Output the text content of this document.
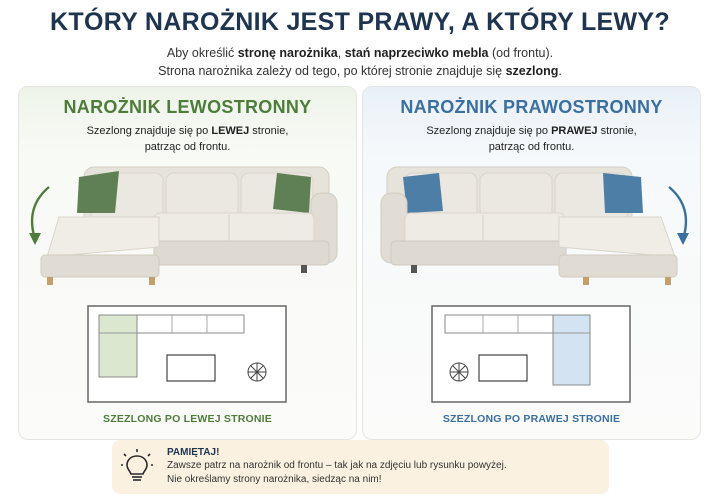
KTÓRY NAROŻNIK JEST PRAWY, A KTÓRY LEWY?
Aby określić stronę narożnika, stań naprzeciwko mebla (od frontu).
Strona narożnika zależy od tego, po której stronie znajduje się szezlong.
NAROŻNIK LEWOSTRONNY
Szezlong znajduje się po LEWEJ stronie,
patrząc od frontu.
SZEZLONG PO LEWEJ STRONIE
NAROŻNIK PRAWOSTRONNY
Szezlong znajduje się po PRAWEJ stronie,
patrząc od frontu.
SZEZLONG PO PRAWEJ STRONIE
PAMIĘTAJ!
Zawsze patrz na narożnik od frontu – tak jak na zdjęciu lub rysunku powyżej.
Nie określamy strony narożnika, siedząc na nim!
